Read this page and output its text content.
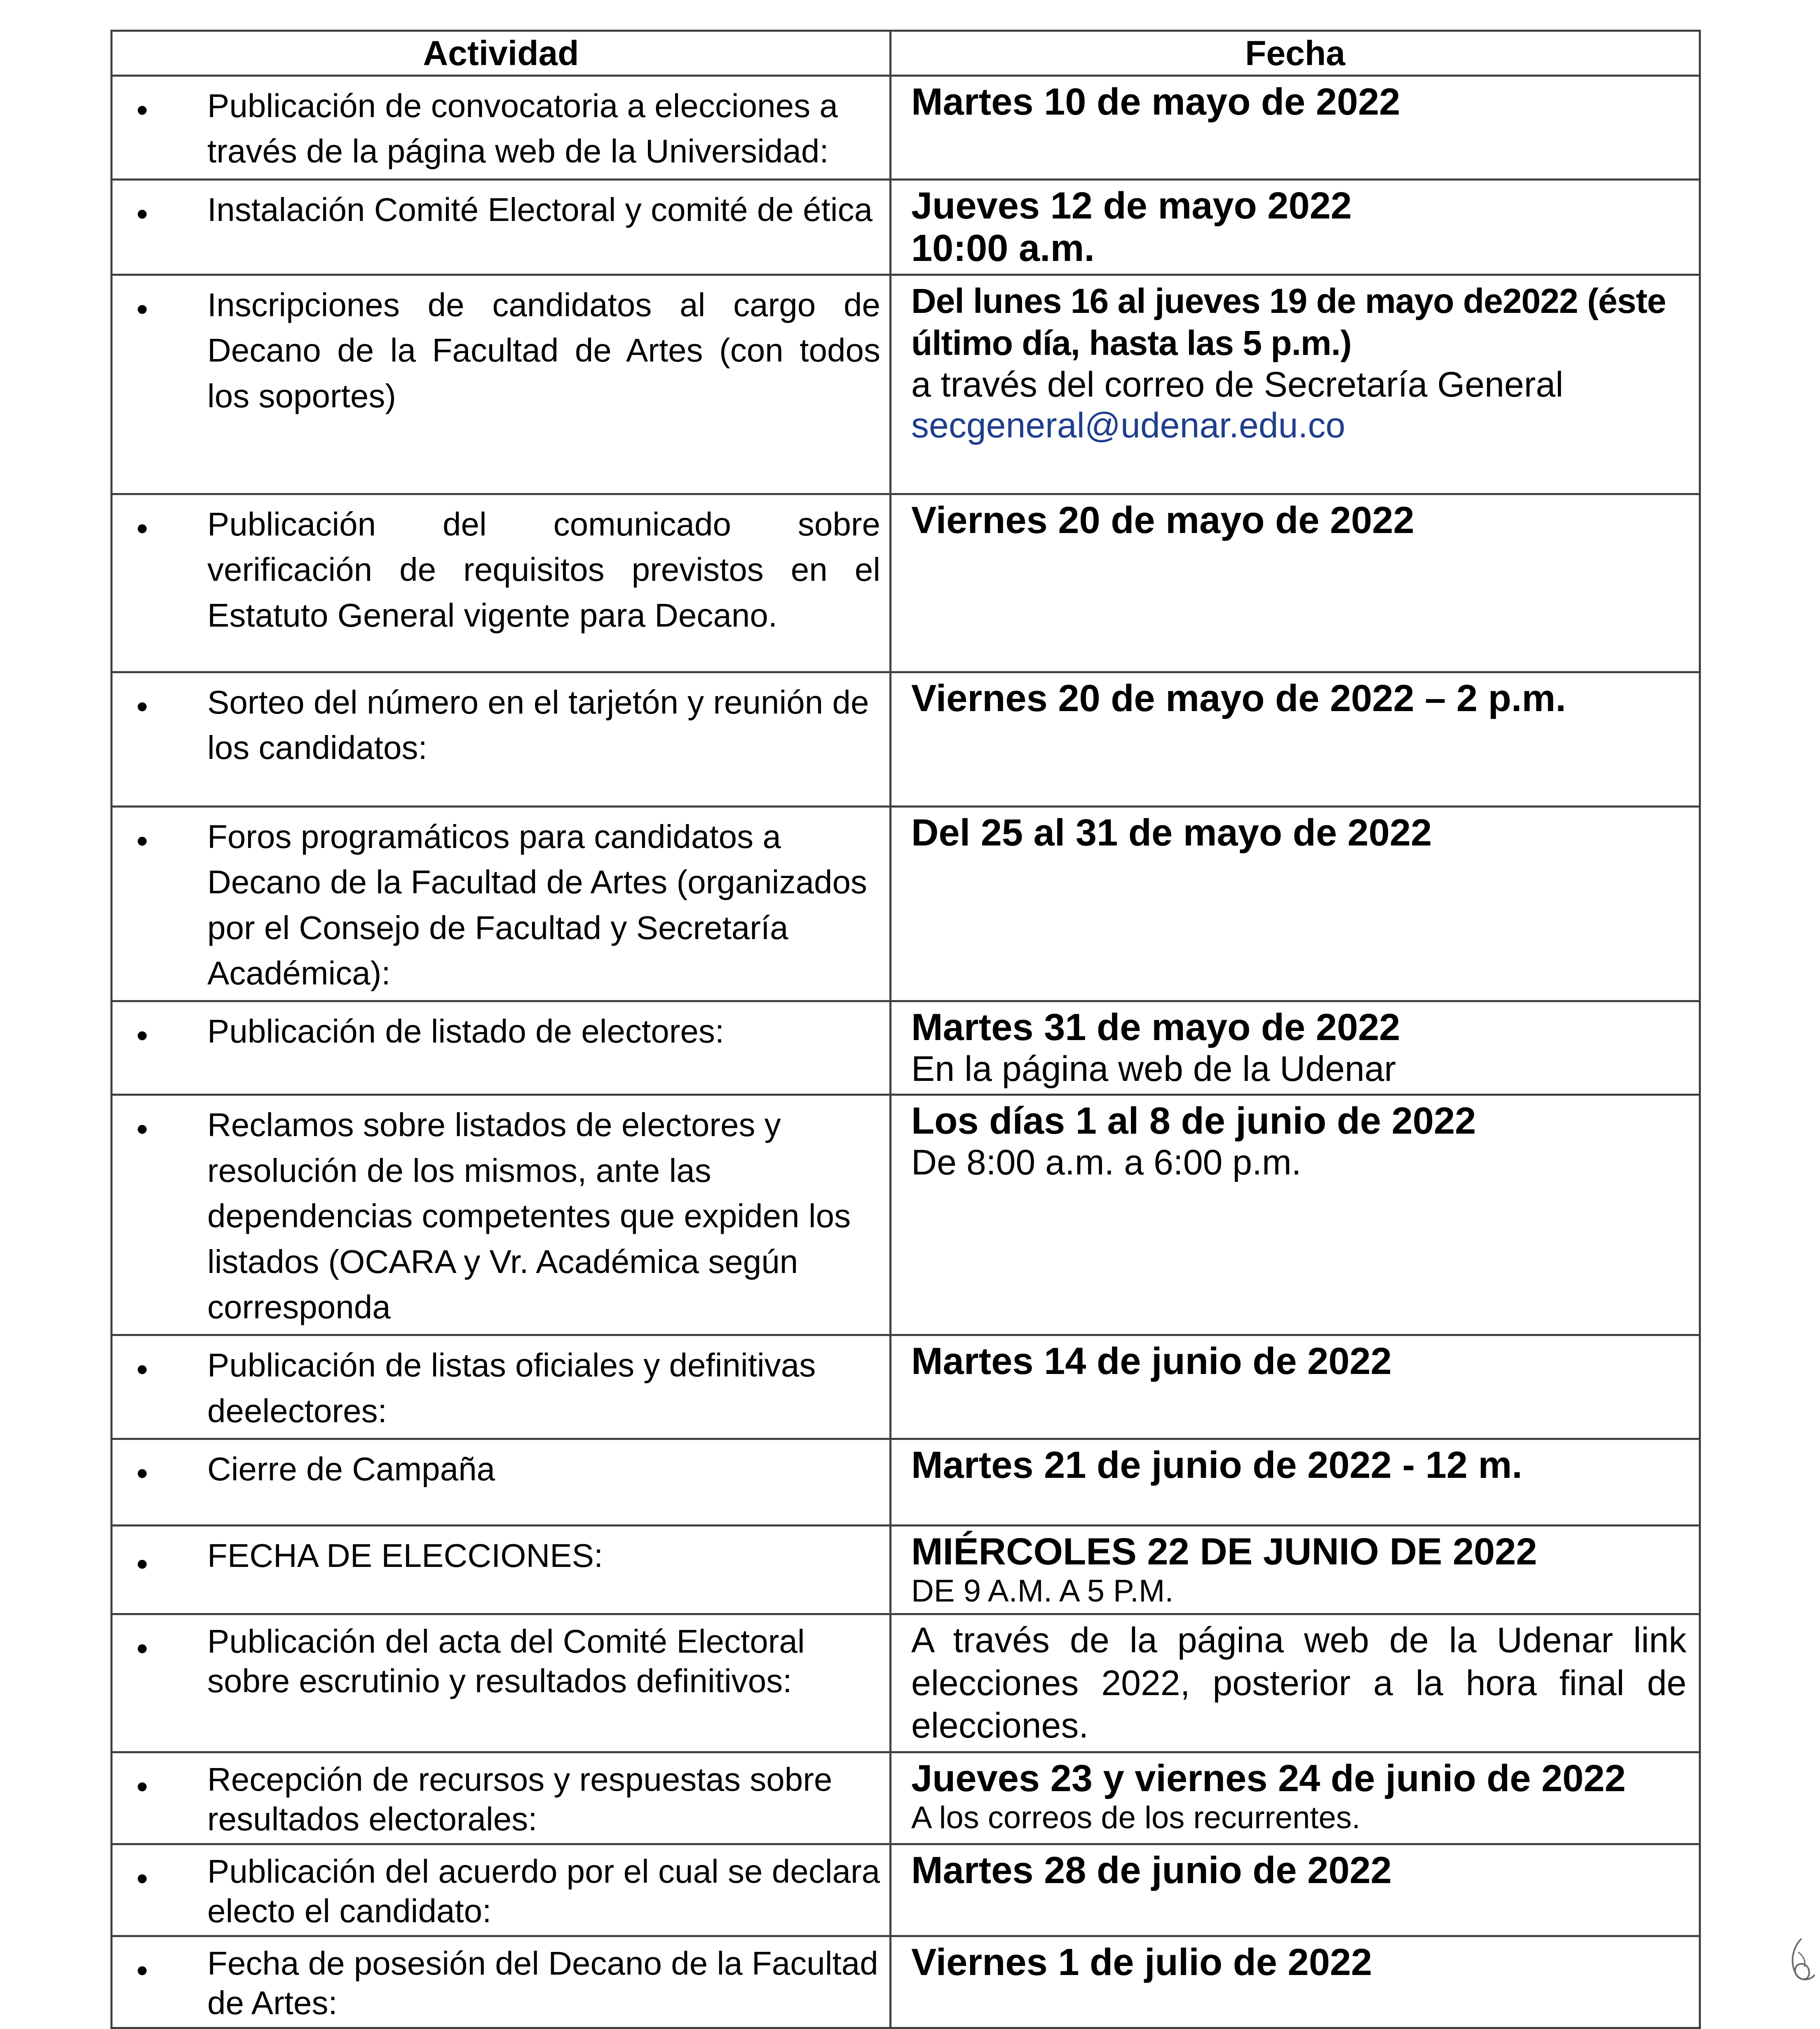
Actividad	Fecha

• Publicación de convocatoria a elecciones a través de la página web de la Universidad:	Martes 10 de mayo de 2022

• Instalación Comité Electoral y comité de ética	Jueves 12 de mayo 2022
10:00 a.m.

• Inscripciones de candidatos al cargo de Decano de la Facultad de Artes (con todos los soportes)	Del lunes 16 al jueves 19 de mayo de2022 (éste último día, hasta las 5 p.m.)
a través del correo de Secretaría General
secgeneral@udenar.edu.co

• Publicación del comunicado sobre verificación de requisitos previstos en el Estatuto General vigente para Decano.	Viernes 20 de mayo de 2022

• Sorteo del número en el tarjetón y reunión de los candidatos:	Viernes 20 de mayo de 2022 – 2 p.m.

• Foros programáticos para candidatos a Decano de la Facultad de Artes (organizados por el Consejo de Facultad y Secretaría Académica):	Del 25 al 31 de mayo de 2022

• Publicación de listado de electores:	Martes 31 de mayo de 2022
En la página web de la Udenar

• Reclamos sobre listados de electores y resolución de los mismos, ante las dependencias competentes que expiden los listados (OCARA y Vr. Académica según corresponda	Los días 1 al 8 de junio de 2022
De 8:00 a.m. a 6:00 p.m.

• Publicación de listas oficiales y definitivas deelectores:	Martes 14 de junio de 2022

• Cierre de Campaña	Martes 21 de junio de 2022 - 12 m.

• FECHA DE ELECCIONES:	MIÉRCOLES 22 DE JUNIO DE 2022
DE 9 A.M. A 5 P.M.

• Publicación del acta del Comité Electoral sobre escrutinio y resultados definitivos:	A través de la página web de la Udenar link elecciones 2022, posterior a la hora final de elecciones.

• Recepción de recursos y respuestas sobre resultados electorales:	Jueves 23 y viernes 24 de junio de 2022
A los correos de los recurrentes.

• Publicación del acuerdo por el cual se declara electo el candidato:	Martes 28 de junio de 2022

• Fecha de posesión del Decano de la Facultad de Artes:	Viernes 1 de julio de 2022
